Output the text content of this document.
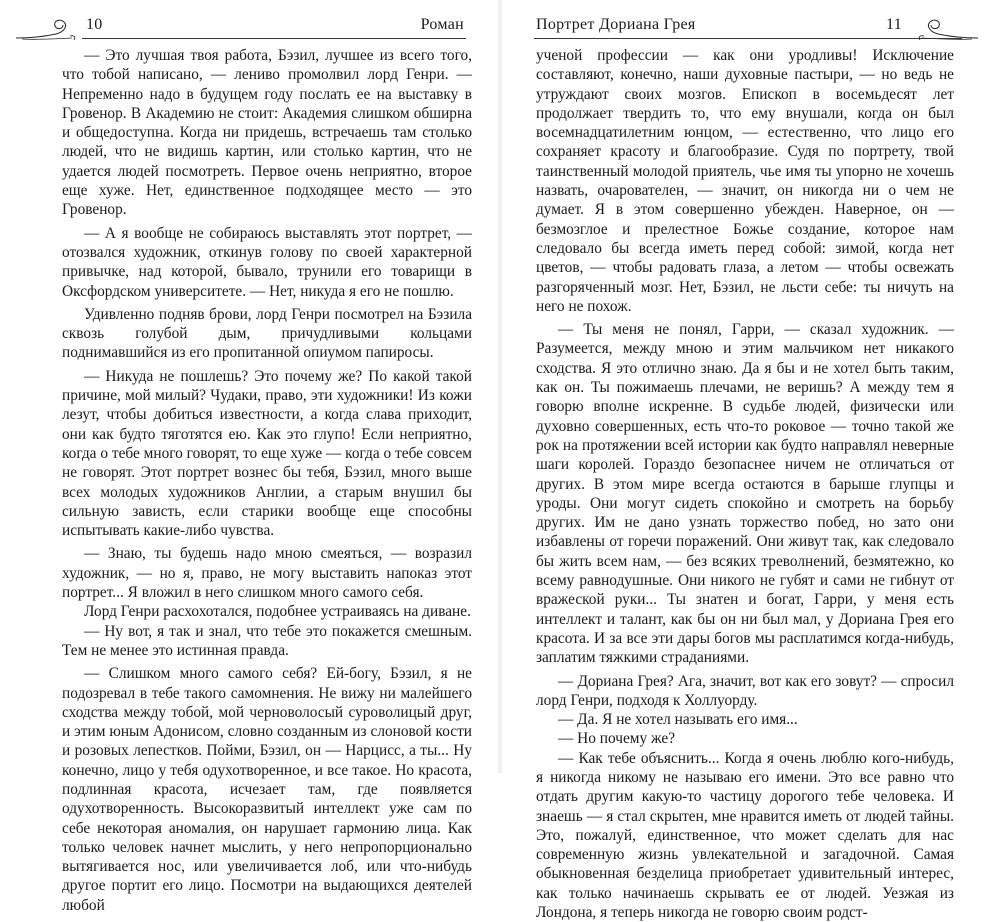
10	Роман

— Это лучшая твоя работа, Бэзил, лучшее из всего того, что тобой написано, — лениво промолвил лорд Генри. — Непременно надо в будущем году послать ее на выставку в Гровенор. В Академию не стоит: Академия слишком обширна и общедоступна. Когда ни придешь, встречаешь там столько людей, что не видишь картин, или столько картин, что не удается людей посмотреть. Первое очень неприятно, второе еще хуже. Нет, единственное подходящее место — это Гровенор.

— А я вообще не собираюсь выставлять этот портрет, — отозвался художник, откинув голову по своей характерной привычке, над которой, бывало, трунили его товарищи в Оксфордском университете. — Нет, никуда я его не пошлю.

Удивленно подняв брови, лорд Генри посмотрел на Бэзила сквозь голубой дым, причудливыми кольцами поднимавшийся из его пропитанной опиумом папиросы.

— Никуда не пошлешь? Это почему же? По какой такой причине, мой милый? Чудаки, право, эти художники! Из кожи лезут, чтобы добиться известности, а когда слава приходит, они как будто тяготятся ею. Как это глупо! Если неприятно, когда о тебе много говорят, то еще хуже — когда о тебе совсем не говорят. Этот портрет вознес бы тебя, Бэзил, много выше всех молодых художников Англии, а старым внушил бы сильную зависть, если старики вообще еще способны испытывать какие-либо чувства.

— Знаю, ты будешь надо мною смеяться, — возразил художник, — но я, право, не могу выставить напоказ этот портрет... Я вложил в него слишком много самого себя.

Лорд Генри расхохотался, подобнее устраиваясь на диване.

— Ну вот, я так и знал, что тебе это покажется смешным. Тем не менее это истинная правда.

— Слишком много самого себя? Ей-богу, Бэзил, я не подозревал в тебе такого самомнения. Не вижу ни малейшего сходства между тобой, мой черноволосый суроволицый друг, и этим юным Адонисом, словно созданным из слоновой кости и розовых лепестков. Пойми, Бэзил, он — Нарцисс, а ты... Ну конечно, лицо у тебя одухотворенное, и все такое. Но красота, подлинная красота, исчезает там, где появляется одухотворенность. Высокоразвитый интеллект уже сам по себе некоторая аномалия, он нарушает гармонию лица. Как только человек начнет мыслить, у него непропорционально вытягивается нос, или увеличивается лоб, или что-нибудь другое портит его лицо. Посмотри на выдающихся деятелей любой

Портрет Дориана Грея	11

ученой профессии — как они уродливы! Исключение составляют, конечно, наши духовные пастыри, — но ведь не утруждают своих мозгов. Епископ в восемьдесят лет продолжает твердить то, что ему внушали, когда он был восемнадцатилетним юнцом, — естественно, что лицо его сохраняет красоту и благообразие. Судя по портрету, твой таинственный молодой приятель, чье имя ты упорно не хочешь назвать, очарователен, — значит, он никогда ни о чем не думает. Я в этом совершенно убежден. Наверное, он — безмозглое и прелестное Божье создание, которое нам следовало бы всегда иметь перед собой: зимой, когда нет цветов, — чтобы радовать глаза, а летом — чтобы освежать разгоряченный мозг. Нет, Бэзил, не льсти себе: ты ничуть на него не похож.

— Ты меня не понял, Гарри, — сказал художник. — Разумеется, между мною и этим мальчиком нет никакого сходства. Я это отлично знаю. Да я бы и не хотел быть таким, как он. Ты пожимаешь плечами, не веришь? А между тем я говорю вполне искренне. В судьбе людей, физически или духовно совершенных, есть что-то роковое — точно такой же рок на протяжении всей истории как будто направлял неверные шаги королей. Гораздо безопаснее ничем не отличаться от других. В этом мире всегда остаются в барыше глупцы и уроды. Они могут сидеть спокойно и смотреть на борьбу других. Им не дано узнать торжество побед, но зато они избавлены от горечи поражений. Они живут так, как следовало бы жить всем нам, — без всяких треволнений, безмятежно, ко всему равнодушные. Они никого не губят и сами не гибнут от вражеской руки... Ты знатен и богат, Гарри, у меня есть интеллект и талант, как бы он ни был мал, у Дориана Грея его красота. И за все эти дары богов мы расплатимся когда-нибудь, заплатим тяжкими страданиями.

— Дориана Грея? Ага, значит, вот как его зовут? — спросил лорд Генри, подходя к Холлуорду.

— Да. Я не хотел называть его имя...

— Но почему же?

— Как тебе объяснить... Когда я очень люблю кого-нибудь, я никогда никому не называю его имени. Это все равно что отдать другим какую-то частицу дорогого тебе человека. И знаешь — я стал скрытен, мне нравится иметь от людей тайны. Это, пожалуй, единственное, что может сделать для нас современную жизнь увлекательной и загадочной. Самая обыкновенная безделица приобретает удивительный интерес, как только начинаешь скрывать ее от людей. Уезжая из Лондона, я теперь никогда не говорю своим родст-
